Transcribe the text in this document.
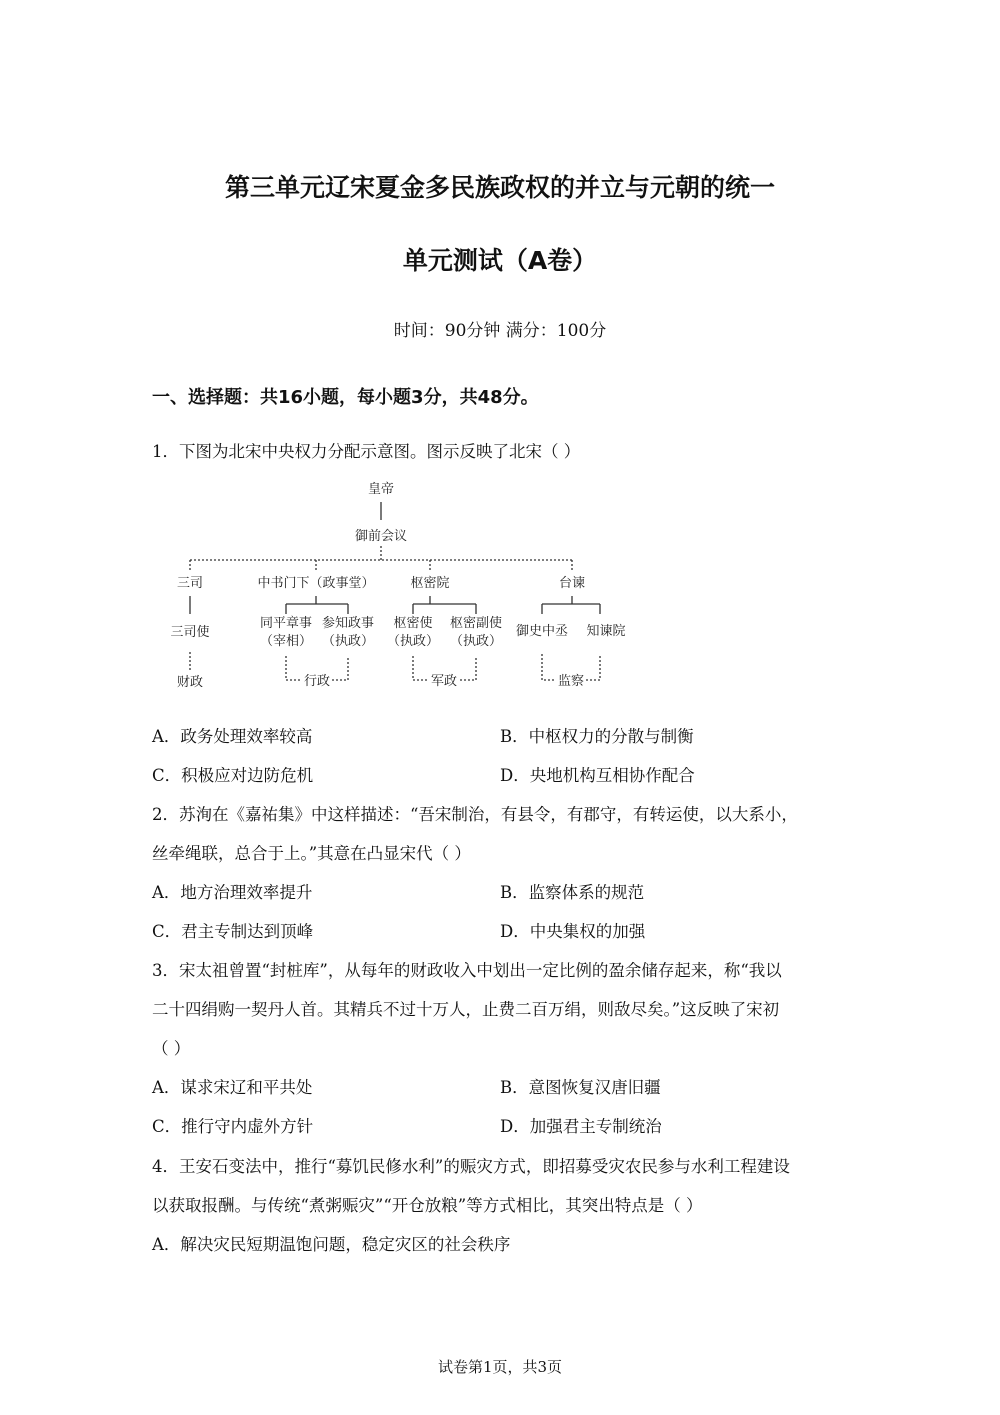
第三单元辽宋夏金多民族政权的并立与元朝的统一
单元测试（A卷）
时间：90分钟 满分：100分
一、选择题：共16小题，每小题3分，共48分。
1．下图为北宋中央权力分配示意图。图示反映了北宋（ ）
皇帝
御前会议
三司	中书门下（政事堂）	枢密院	台谏
三司使
财政
同平章事
（宰相）
参知政事
（执政）
行政
枢密使
（执政）
枢密副使
（执政）
军政
御史中丞 知谏院
监察
A．政务处理效率较高	B．中枢权力的分散与制衡
C．积极应对边防危机	D．央地机构互相协作配合
2．苏洵在《嘉祐集》中这样描述：“吾宋制治，有县令，有郡守，有转运使，以大系小，
丝牵绳联，总合于上。”其意在凸显宋代（ ）
A．地方治理效率提升	B．监察体系的规范
C．君主专制达到顶峰	D．中央集权的加强
3．宋太祖曾置“封桩库”，从每年的财政收入中划出一定比例的盈余储存起来，称“我以
二十四绢购一契丹人首。其精兵不过十万人，止费二百万绢，则敌尽矣。”这反映了宋初
（ ）
A．谋求宋辽和平共处	B．意图恢复汉唐旧疆
C．推行守内虚外方针	D．加强君主专制统治
4．王安石变法中，推行“募饥民修水利”的赈灾方式，即招募受灾农民参与水利工程建设
以获取报酬。与传统“煮粥赈灾”“开仓放粮”等方式相比，其突出特点是（ ）
A．解决灾民短期温饱问题，稳定灾区的社会秩序
试卷第1页，共3页
